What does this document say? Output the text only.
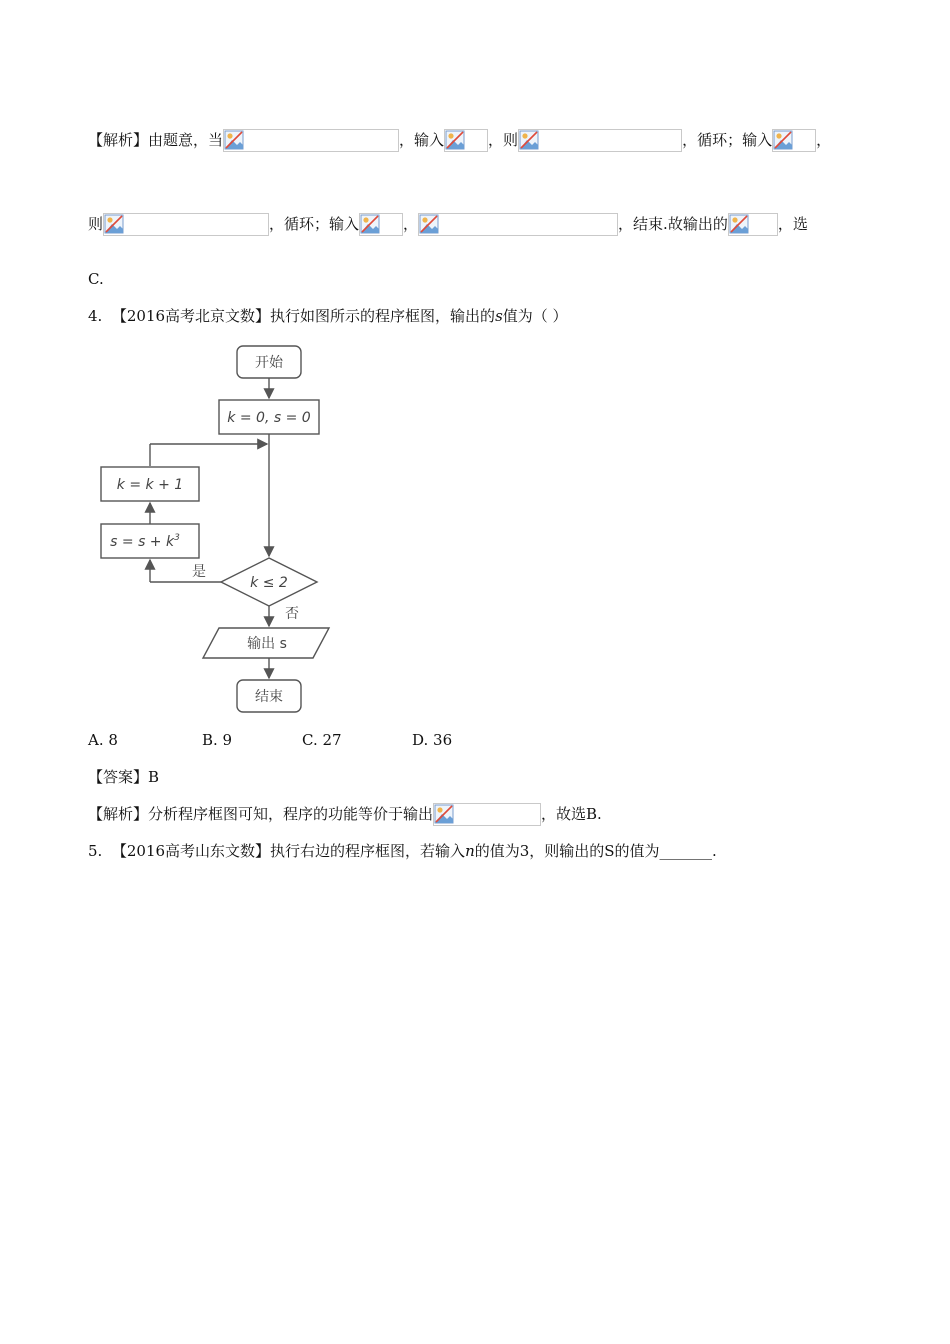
【解析】由题意，当	，输入	，则	，循环；输入	，
则	，循环；输入	，	，结束.故输出的	，选
C.
4. 【2016高考北京文数】执行如图所示的程序框图，输出的s值为（ ）
开始
k = 0, s = 0
k = k + 1
$s = s + k^3$
k ≤ 2
是
否
输出 s
结束
A. 8	B. 9	C. 27	D. 36
【答案】B
【解析】分析程序框图可知，程序的功能等价于输出	，故选B.
5. 【2016高考山东文数】执行右边的程序框图，若输入n的值为3，则输出的S的值为_______.
